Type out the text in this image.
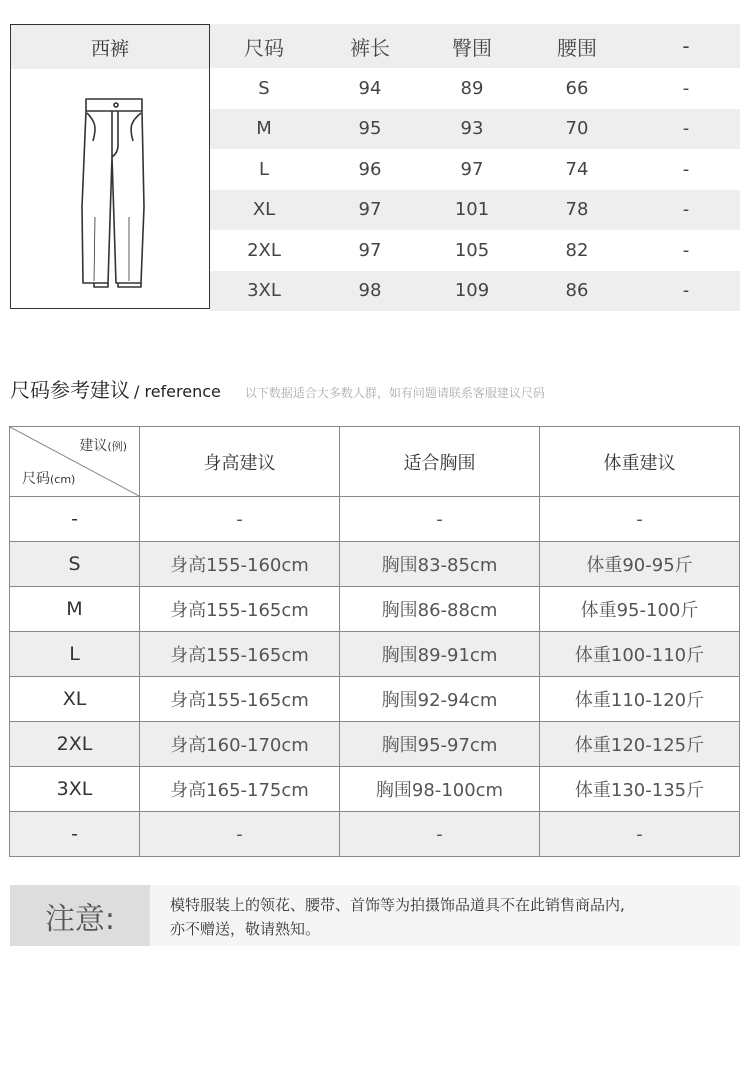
西裤	尺码	裤长	臀围	腰围	-
S	94	89	66	-
M	95	93	70	-
L	96	97	74	-
XL	97	101	78	-
2XL	97	105	82	-
3XL	98	109	86	-
尺码参考建议 / reference 以下数据适合大多数人群，如有问题请联系客服建议尺码
建议(例)
尺码(cm)
身高建议	适合胸围	体重建议
-	-	-	-
S	身高155-160cm	胸围83-85cm	体重90-95斤
M	身高155-165cm	胸围86-88cm	体重95-100斤
L	身高155-165cm	胸围89-91cm	体重100-110斤
XL	身高155-165cm	胸围92-94cm	体重110-120斤
2XL	身高160-170cm	胸围95-97cm	体重120-125斤
3XL	身高165-175cm	胸围98-100cm	体重130-135斤
-	-	-	-
注意:	模特服装上的领花、腰带、首饰等为拍摄饰品道具不在此销售商品内,
亦不赠送，敬请熟知。
